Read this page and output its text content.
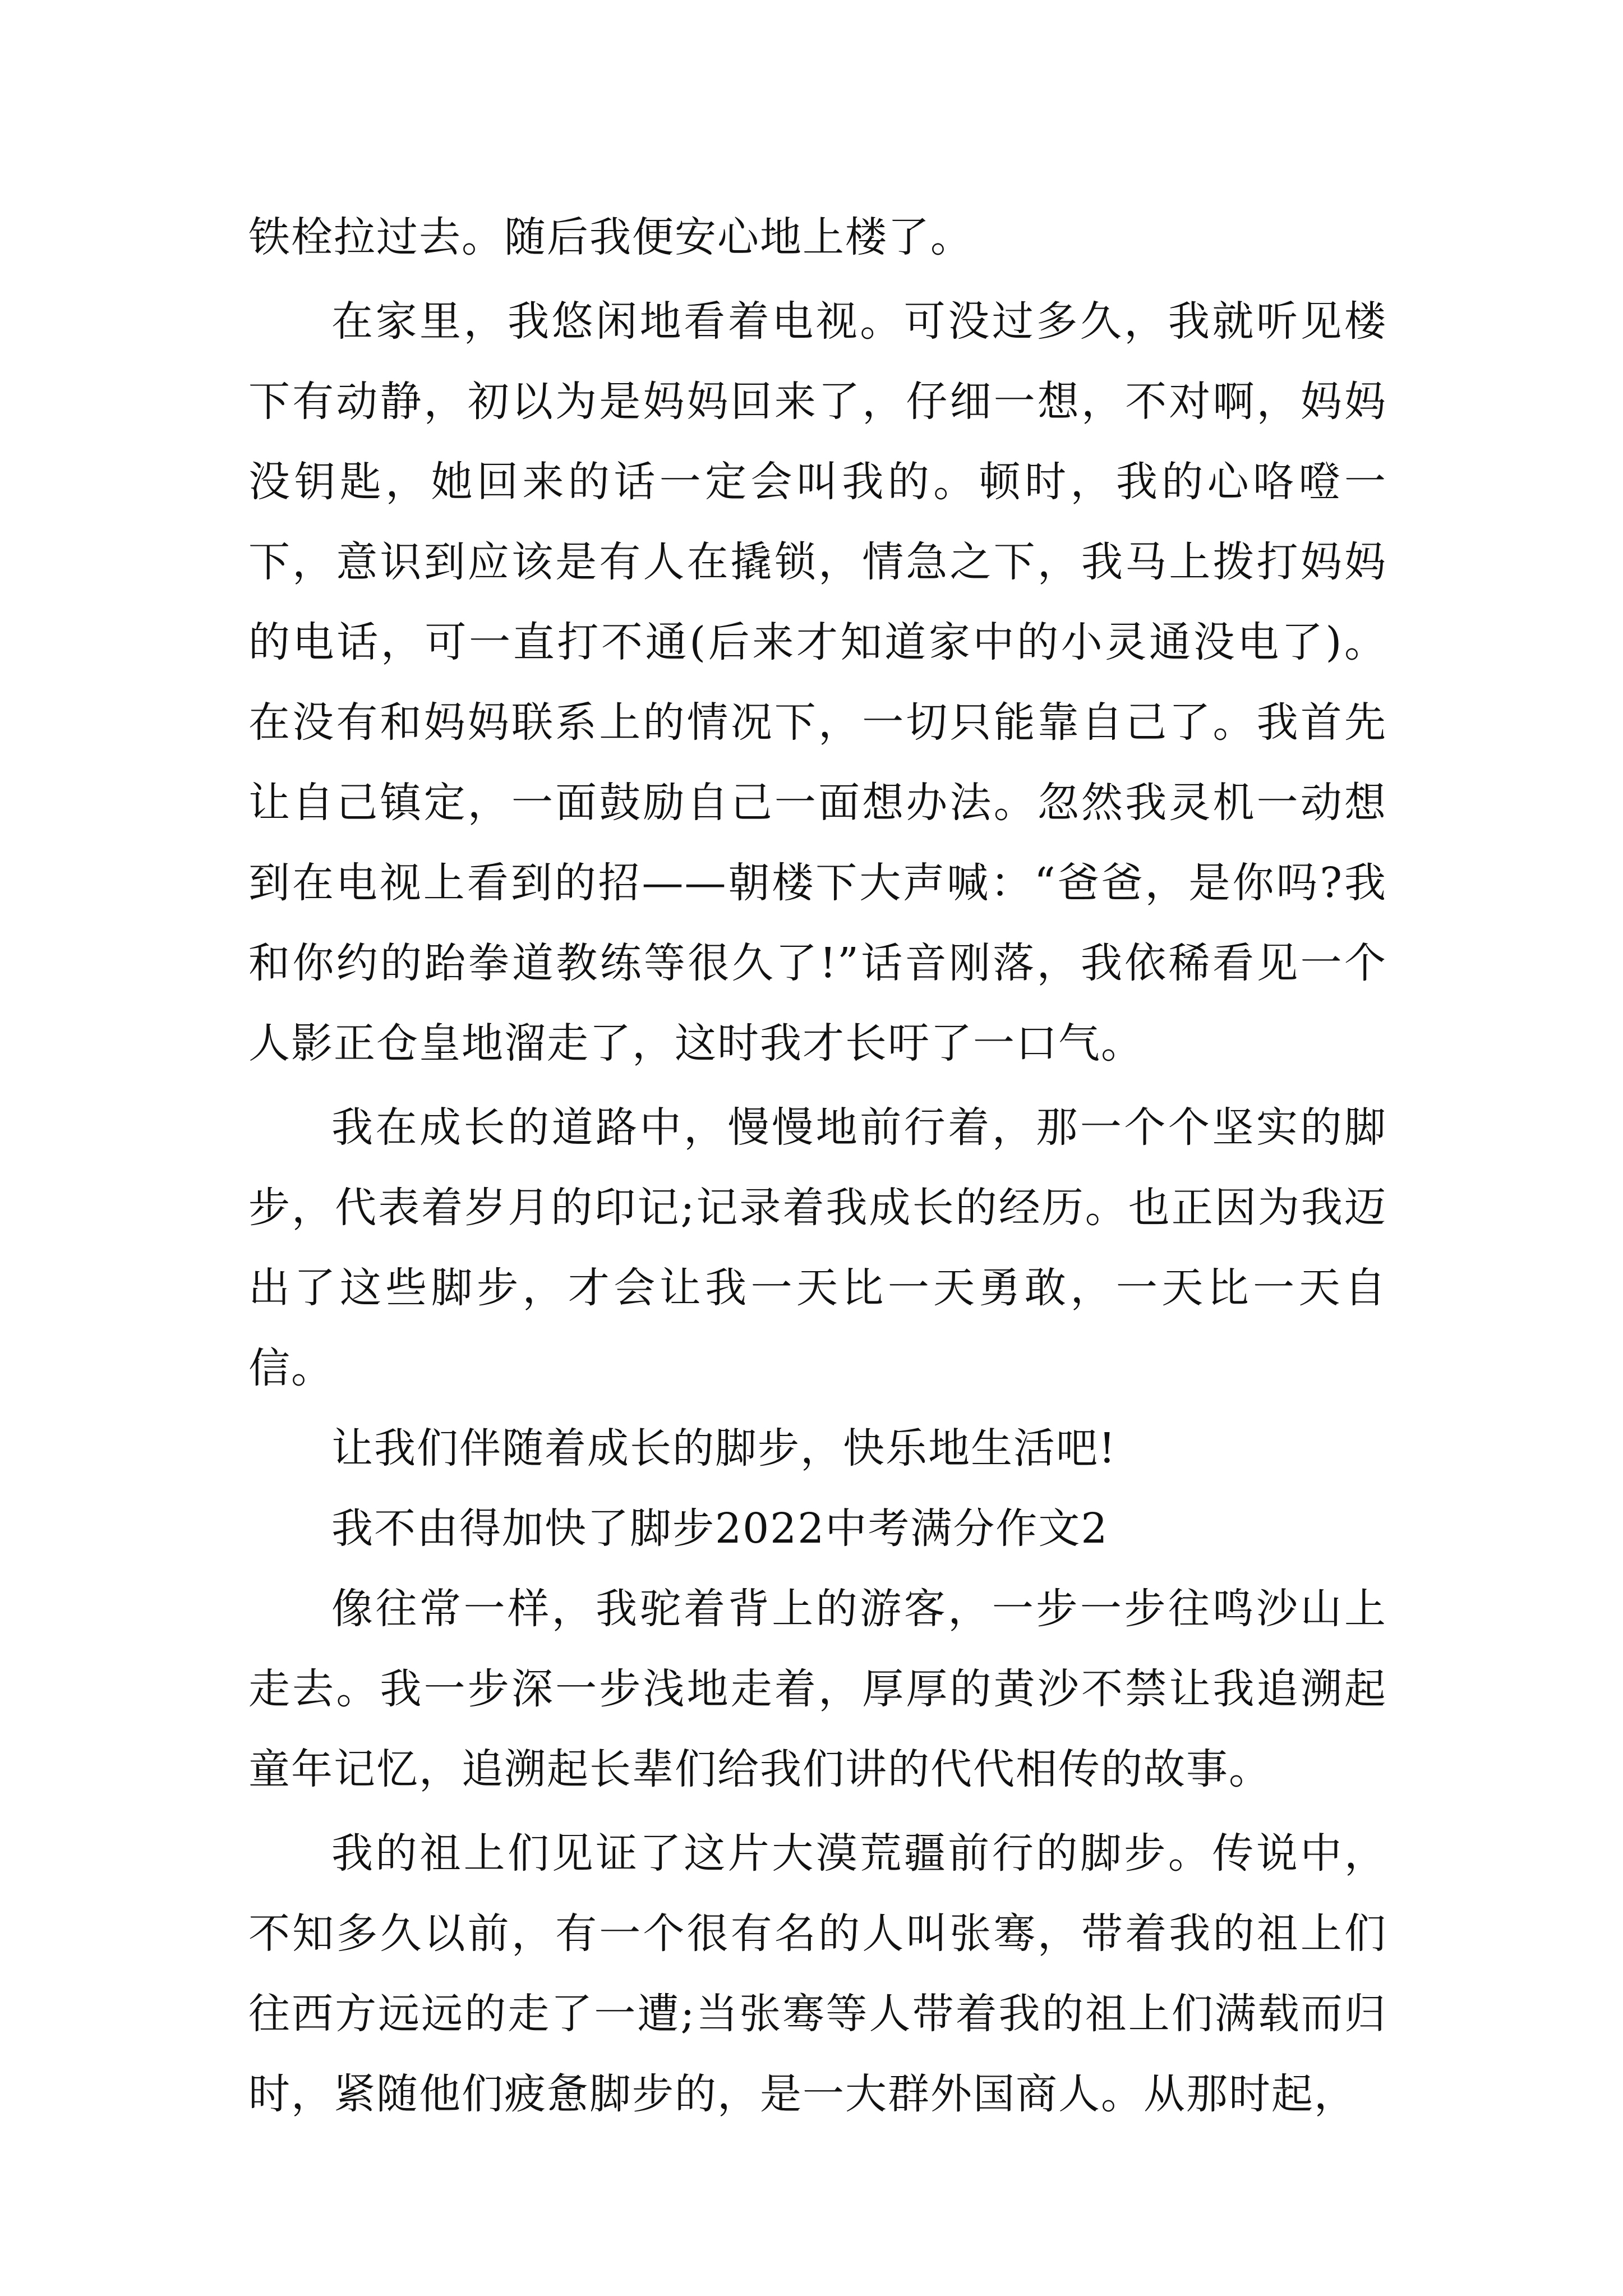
铁栓拉过去。随后我便安心地上楼了。

在家里，我悠闲地看着电视。可没过多久，我就听见楼下有动静，初以为是妈妈回来了，仔细一想，不对啊，妈妈没钥匙，她回来的话一定会叫我的。顿时，我的心咯噔一下，意识到应该是有人在撬锁，情急之下，我马上拨打妈妈的电话，可一直打不通(后来才知道家中的小灵通没电了)。在没有和妈妈联系上的情况下，一切只能靠自己了。我首先让自己镇定，一面鼓励自己一面想办法。忽然我灵机一动想到在电视上看到的招——朝楼下大声喊：“爸爸，是你吗?我和你约的跆拳道教练等很久了!”话音刚落，我依稀看见一个人影正仓皇地溜走了，这时我才长吁了一口气。

我在成长的道路中，慢慢地前行着，那一个个坚实的脚步，代表着岁月的印记;记录着我成长的经历。也正因为我迈出了这些脚步，才会让我一天比一天勇敢，一天比一天自信。

让我们伴随着成长的脚步，快乐地生活吧!

我不由得加快了脚步2022中考满分作文2

像往常一样，我驼着背上的游客，一步一步往鸣沙山上走去。我一步深一步浅地走着，厚厚的黄沙不禁让我追溯起童年记忆，追溯起长辈们给我们讲的代代相传的故事。

我的祖上们见证了这片大漠荒疆前行的脚步。传说中，不知多久以前，有一个很有名的人叫张骞，带着我的祖上们往西方远远的走了一遭;当张骞等人带着我的祖上们满载而归时，紧随他们疲惫脚步的，是一大群外国商人。从那时起，
